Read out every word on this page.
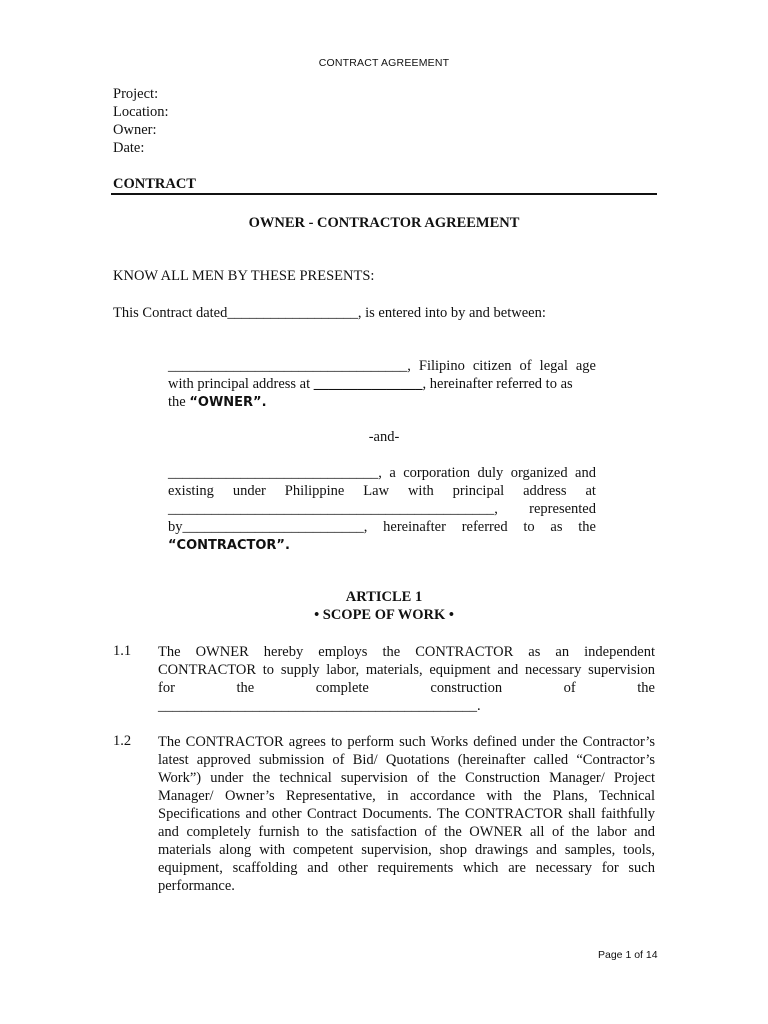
CONTRACT AGREEMENT
Project:
Location:
Owner:
Date:
CONTRACT
OWNER - CONTRACTOR AGREEMENT
KNOW ALL MEN BY THESE PRESENTS:
This Contract dated__________________, is entered into by and between:
_________________________________, Filipino citizen of legal age
with principal address at _______________, hereinafter referred to as
the “OWNER”.
-and-
_____________________________, a corporation duly organized and
existing under Philippine Law with principal address at
_____________________________________________, represented
by_________________________, hereinafter referred to as the
“CONTRACTOR”.
ARTICLE 1
• SCOPE OF WORK •
1.1 The OWNER hereby employs the CONTRACTOR as an independent
CONTRACTOR to supply labor, materials, equipment and necessary supervision
for the complete construction of the
____________________________________________.
1.2 The CONTRACTOR agrees to perform such Works defined under the Contractor’s
latest approved submission of Bid/ Quotations (hereinafter called “Contractor’s
Work”) under the technical supervision of the Construction Manager/ Project
Manager/ Owner’s Representative, in accordance with the Plans, Technical
Specifications and other Contract Documents. The CONTRACTOR shall faithfully
and completely furnish to the satisfaction of the OWNER all of the labor and
materials along with competent supervision, shop drawings and samples, tools,
equipment, scaffolding and other requirements which are necessary for such
performance.
Page 1 of 14
